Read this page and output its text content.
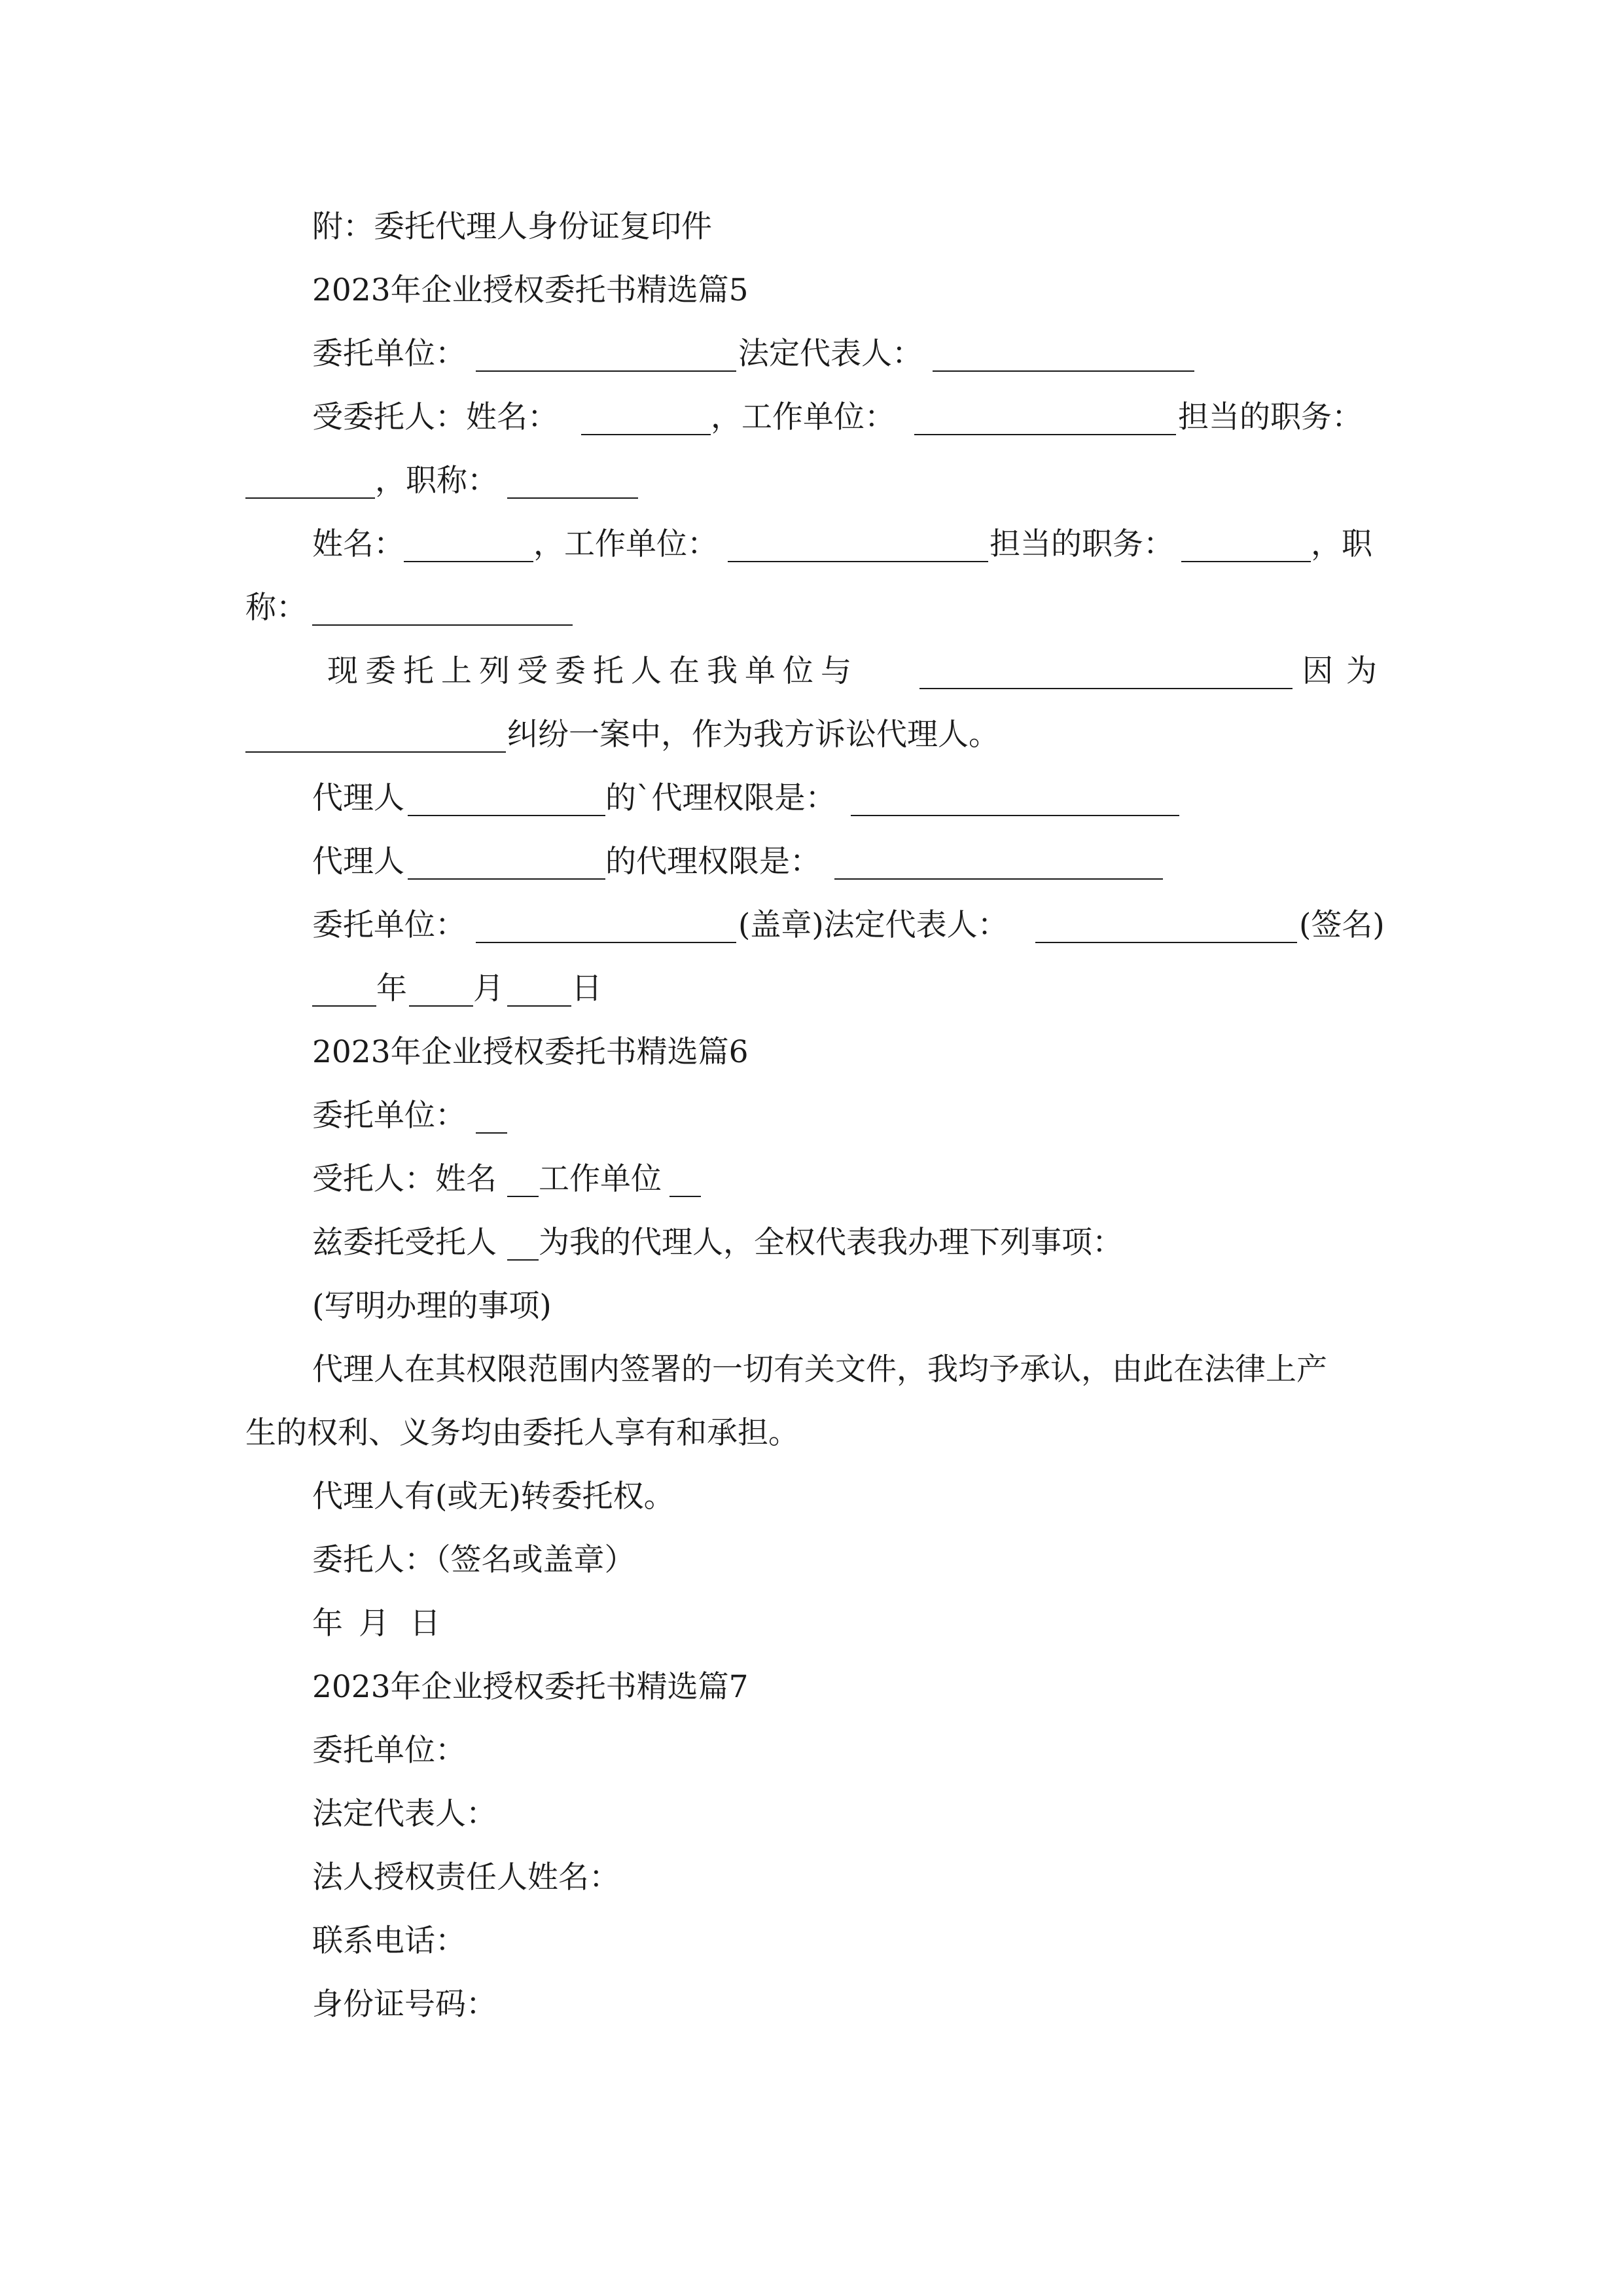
附：委托代理人身份证复印件
2023年企业授权委托书精选篇5
委托单位：	法定代表人：
受委托人：姓名：	，工作单位：	担当的职务：
，职称：
姓名：	，工作单位：	担当的职务：	，职
称：
现委托上列受委托人在我单位与	因为
纠纷一案中，作为我方诉讼代理人。
代理人	的`代理权限是：
代理人	的代理权限是：
委托单位：	(盖章)法定代表人：	(签名)
年 月 日
2023年企业授权委托书精选篇6
委托单位：
受托人：姓名 工作单位
兹委托受托人 为我的代理人，全权代表我办理下列事项：
(写明办理的事项)
代理人在其权限范围内签署的一切有关文件，我均予承认，由此在法律上产
生的权利、义务均由委托人享有和承担。
代理人有(或无)转委托权。
委托人：（签名或盖章）
年 月 日
2023年企业授权委托书精选篇7
委托单位：
法定代表人：
法人授权责任人姓名：
联系电话：
身份证号码：
